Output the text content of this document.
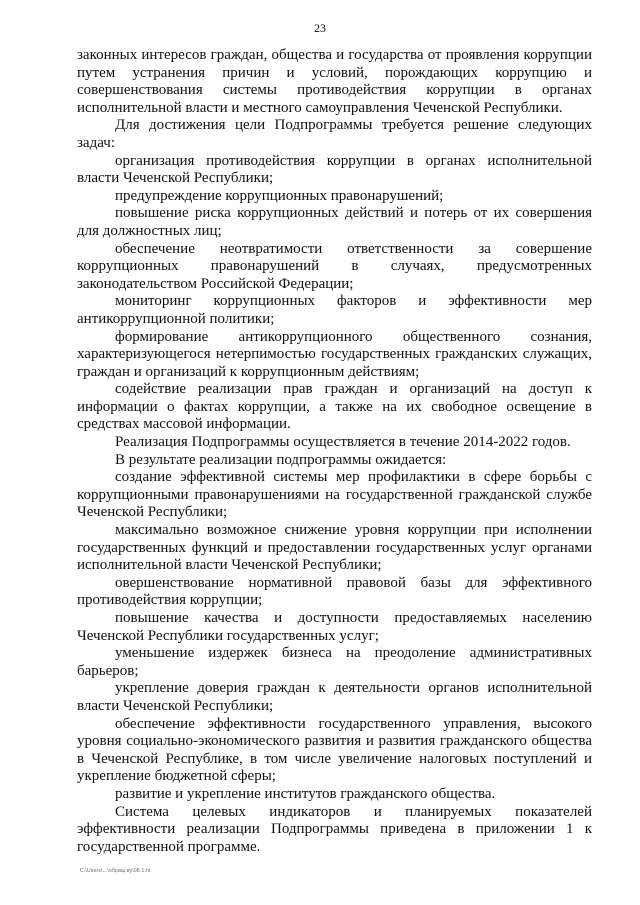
23

законных интересов граждан, общества и государства от проявления коррупции путем устранения причин и условий, порождающих коррупцию и совершенствования системы противодействия коррупции в органах исполнительной власти и местного самоуправления Чеченской Республики.

Для достижения цели Подпрограммы требуется решение следующих задач:

организация противодействия коррупции в органах исполнительной власти Чеченской Республики;

предупреждение коррупционных правонарушений;

повышение риска коррупционных действий и потерь от их совершения для должностных лиц;

обеспечение неотвратимости ответственности за совершение коррупционных правонарушений в случаях, предусмотренных законодательством Российской Федерации;

мониторинг коррупционных факторов и эффективности мер антикоррупционной политики;

формирование антикоррупционного общественного сознания, характеризующегося нетерпимостью государственных гражданских служащих, граждан и организаций к коррупционным действиям;

содействие реализации прав граждан и организаций на доступ к информации о фактах коррупции, а также на их свободное освещение в средствах массовой информации.

Реализация Подпрограммы осуществляется в течение 2014-2022 годов.

В результате реализации подпрограммы ожидается:

создание эффективной системы мер профилактики в сфере борьбы с коррупционными правонарушениями на государственной гражданской службе Чеченской Республики;

максимально возможное снижение уровня коррупции при исполнении государственных функций и предоставлении государственных услуг органами исполнительной власти Чеченской Республики;

овершенствование нормативной правовой базы для эффективного противодействия коррупции;

повышение качества и доступности предоставляемых населению Чеченской Республики государственных услуг;

уменьшение издержек бизнеса на преодоление административных барьеров;

укрепление доверия граждан к деятельности органов исполнительной власти Чеченской Республики;

обеспечение эффективности государственного управления, высокого уровня социально-экономического развития и развития гражданского общества в Чеченской Республике, в том числе увеличение налоговых поступлений и укрепление бюджетной сферы;

развитие и укрепление институтов гражданского общества.

Система целевых индикаторов и планируемых показателей эффективности реализации Подпрограммы приведена в приложении 1 к государственной программе.

C:\Users\...\обращ.ву\08.1.ht
